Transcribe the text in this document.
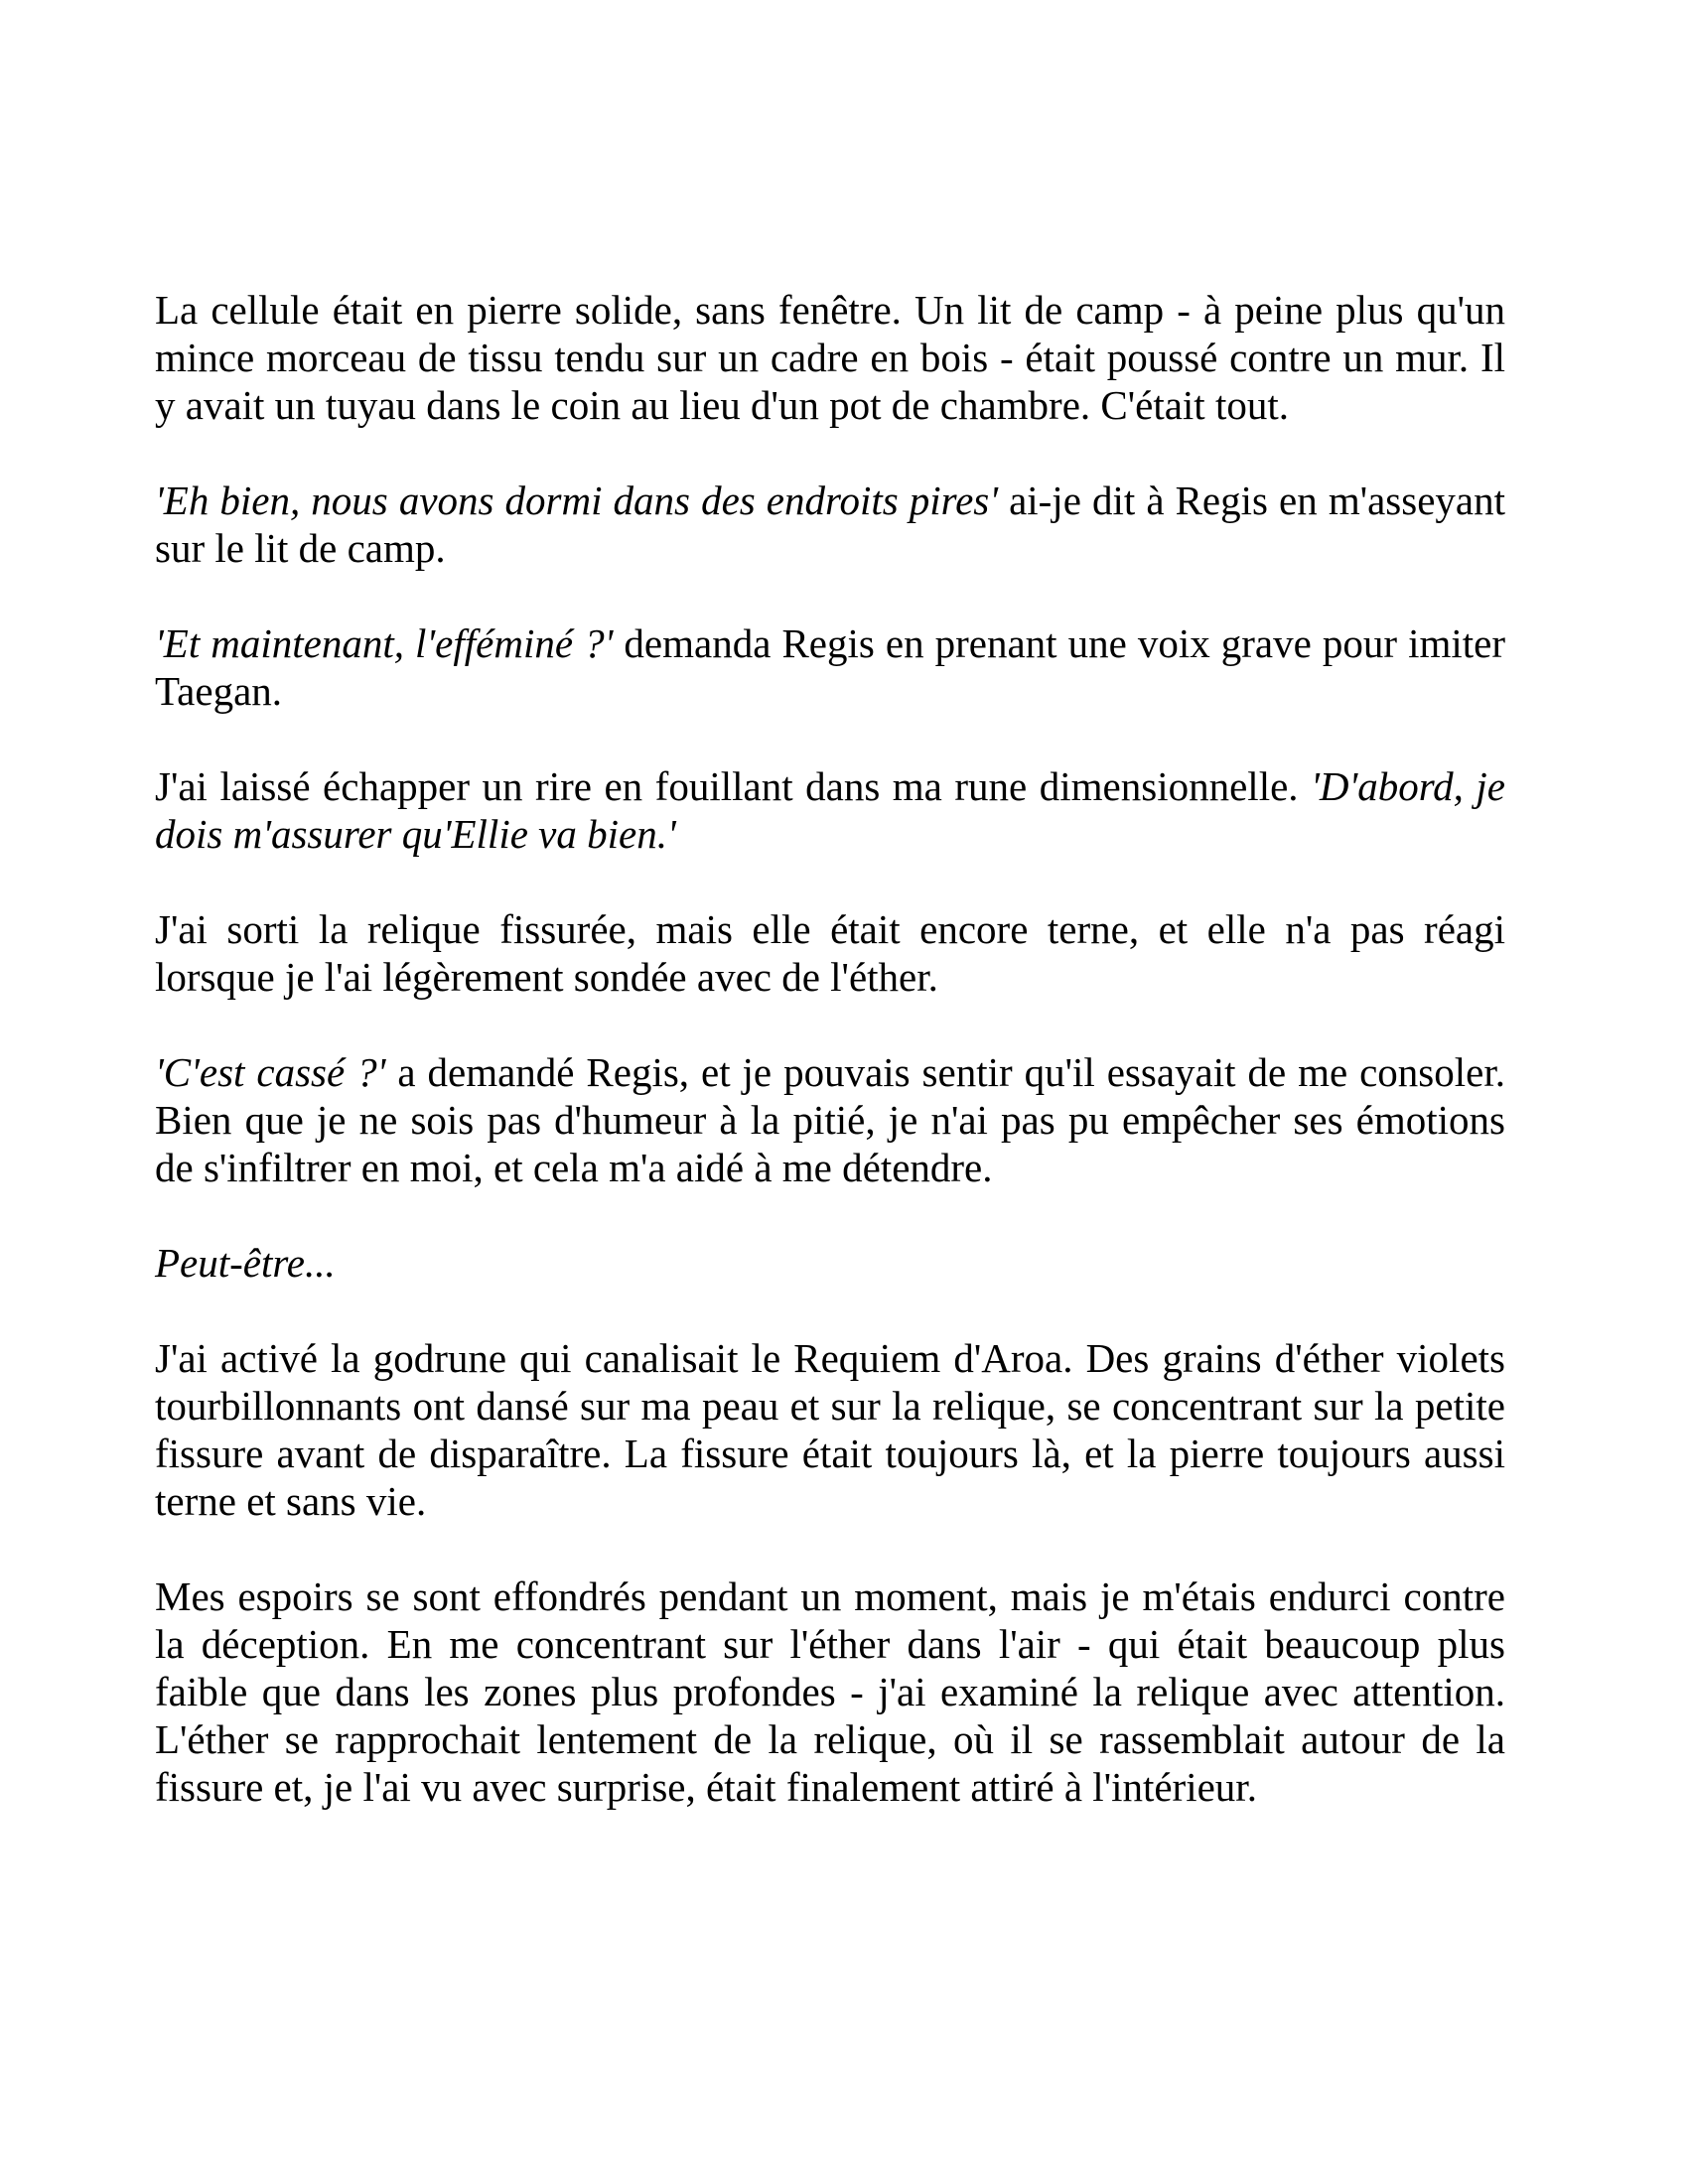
La cellule était en pierre solide, sans fenêtre. Un lit de camp - à peine plus qu'un mince morceau de tissu tendu sur un cadre en bois - était poussé contre un mur. Il y avait un tuyau dans le coin au lieu d'un pot de chambre. C'était tout.

'Eh bien, nous avons dormi dans des endroits pires' ai-je dit à Regis en m'asseyant sur le lit de camp.

'Et maintenant, l'efféminé ?' demanda Regis en prenant une voix grave pour imiter Taegan.

J'ai laissé échapper un rire en fouillant dans ma rune dimensionnelle. 'D'abord, je dois m'assurer qu'Ellie va bien.'

J'ai sorti la relique fissurée, mais elle était encore terne, et elle n'a pas réagi lorsque je l'ai légèrement sondée avec de l'éther.

'C'est cassé ?' a demandé Regis, et je pouvais sentir qu'il essayait de me consoler. Bien que je ne sois pas d'humeur à la pitié, je n'ai pas pu empêcher ses émotions de s'infiltrer en moi, et cela m'a aidé à me détendre.

Peut-être...

J'ai activé la godrune qui canalisait le Requiem d'Aroa. Des grains d'éther violets tourbillonnants ont dansé sur ma peau et sur la relique, se concentrant sur la petite fissure avant de disparaître. La fissure était toujours là, et la pierre toujours aussi terne et sans vie.

Mes espoirs se sont effondrés pendant un moment, mais je m'étais endurci contre la déception. En me concentrant sur l'éther dans l'air - qui était beaucoup plus faible que dans les zones plus profondes - j'ai examiné la relique avec attention. L'éther se rapprochait lentement de la relique, où il se rassemblait autour de la fissure et, je l'ai vu avec surprise, était finalement attiré à l'intérieur.
